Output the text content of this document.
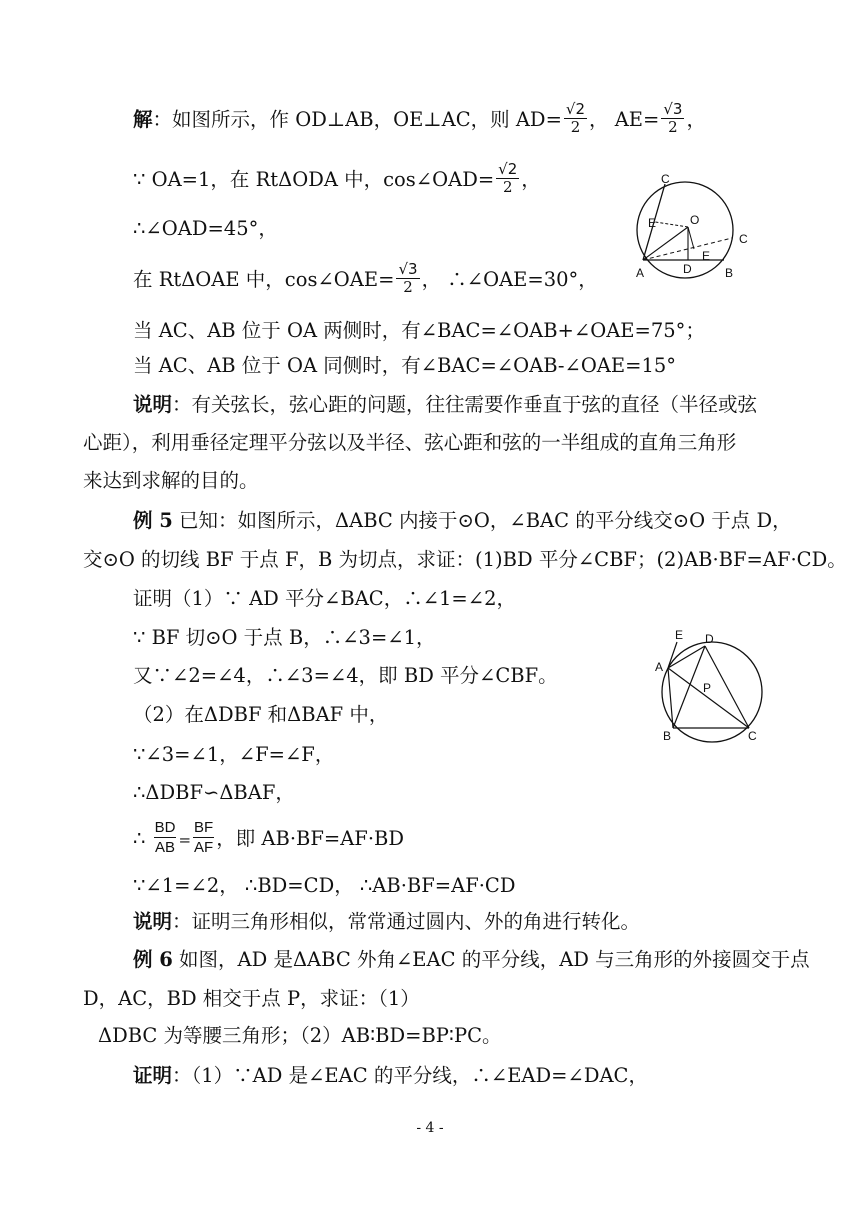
解：如图所示，作 OD⊥AB，OE⊥AC，则 $AD= \frac{√2}{2}$ ， $AE= \frac{√3}{2}$ ，
∵ OA=1，在 RtΔODA 中，cos∠OAD= $\frac{√2}{2}$ ，
∴∠OAD=45°，
在 RtΔOAE 中，cos∠OAE= $\frac{√3}{2}$ ， ∴∠OAE=30°，
当 AC、AB 位于 OA 两侧时，有∠BAC=∠OAB+∠OAE=75°；
当 AC、AB 位于 OA 同侧时，有∠BAC=∠OAB-∠OAE=15°
说明：有关弦长，弦心距的问题，往往需要作垂直于弦的直径（半径或弦
心距），利用垂径定理平分弦以及半径、弦心距和弦的一半组成的直角三角形
来达到求解的目的。
例 5 已知：如图所示，ΔABC 内接于⊙O，∠BAC 的平分线交⊙O 于点 D，
交⊙O 的切线 BF 于点 F，B 为切点，求证：(1)BD 平分∠CBF；(2)AB·BF=AF·CD。
证明（1）∵ AD 平分∠BAC，∴∠1=∠2，
∵ BF 切⊙O 于点 B，∴∠3=∠1，
又∵∠2=∠4，∴∠3=∠4，即 BD 平分∠CBF。
（2）在ΔDBF 和ΔBAF 中，
∵∠3=∠1，∠F=∠F，
∴ΔDBF∽ΔBAF，
∴ $\frac{BD}{AB} = \frac{BF}{AF}$ ，即 AB·BF=AF·BD
∵∠1=∠2， ∴BD=CD， ∴AB·BF=AF·CD
说明：证明三角形相似，常常通过圆内、外的角进行转化。
例 6 如图，AD 是ΔABC 外角∠EAC 的平分线，AD 与三角形的外接圆交于点
D，AC，BD 相交于点 P，求证：（1）
ΔDBC 为等腰三角形；（2）AB∶BD=BP∶PC。
证明：（1）∵AD 是∠EAC 的平分线，∴∠EAD=∠DAC，
C
E	O
C
E
A	D	B
E D
A
P
B	C
- 4 -
